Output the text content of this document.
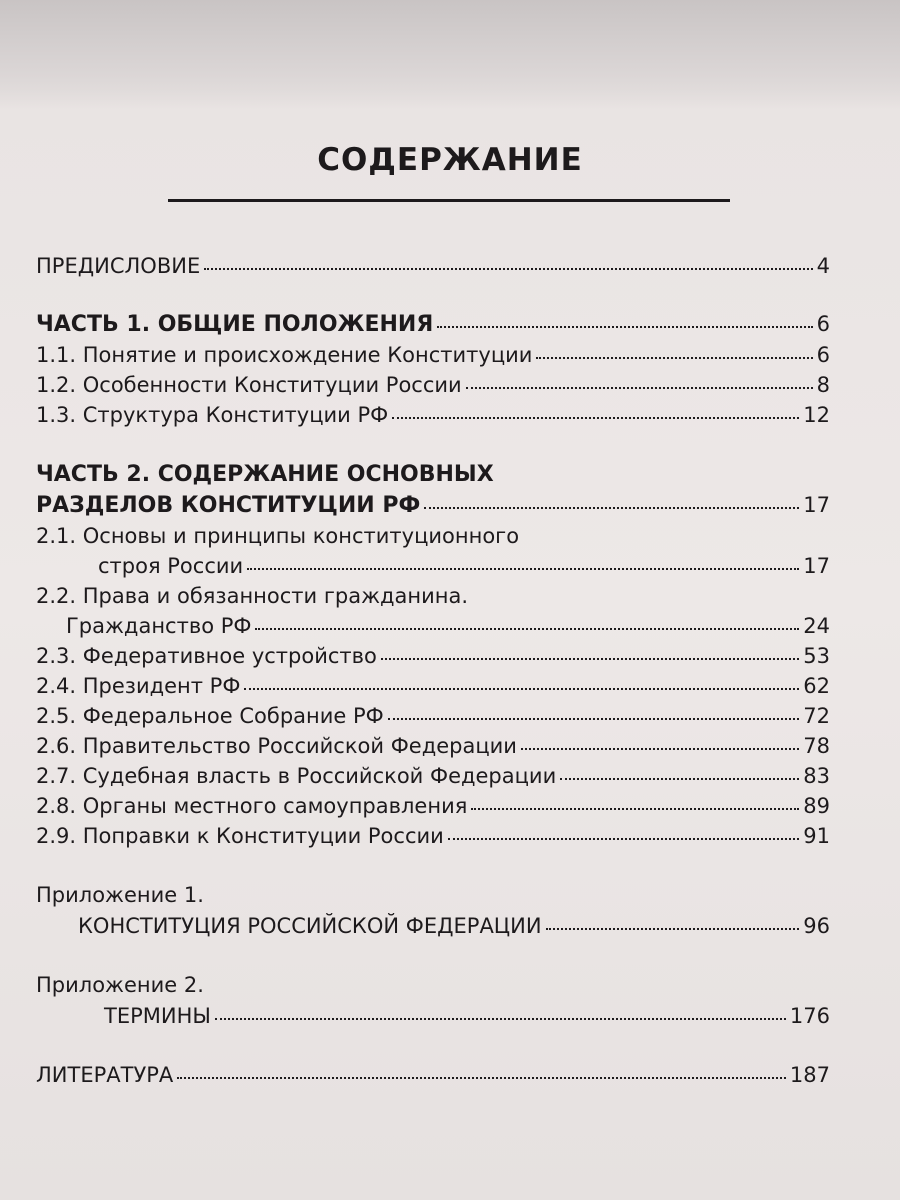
СОДЕРЖАНИЕ
ПРЕДИСЛОВИЕ	4
ЧАСТЬ 1. ОБЩИЕ ПОЛОЖЕНИЯ	6
1.1. Понятие и происхождение Конституции	6
1.2. Особенности Конституции России	8
1.3. Структура Конституции РФ	12
ЧАСТЬ 2. СОДЕРЖАНИЕ ОСНОВНЫХ
РАЗДЕЛОВ КОНСТИТУЦИИ РФ	17
2.1. Основы и принципы конституционного
строя России	17
2.2. Права и обязанности гражданина.
Гражданство РФ	24
2.3. Федеративное устройство	53
2.4. Президент РФ	62
2.5. Федеральное Собрание РФ	72
2.6. Правительство Российской Федерации	78
2.7. Судебная власть в Российской Федерации	83
2.8. Органы местного самоуправления	89
2.9. Поправки к Конституции России	91
Приложение 1.
КОНСТИТУЦИЯ РОССИЙСКОЙ ФЕДЕРАЦИИ	96
Приложение 2.
ТЕРМИНЫ	176
ЛИТЕРАТУРА	187
